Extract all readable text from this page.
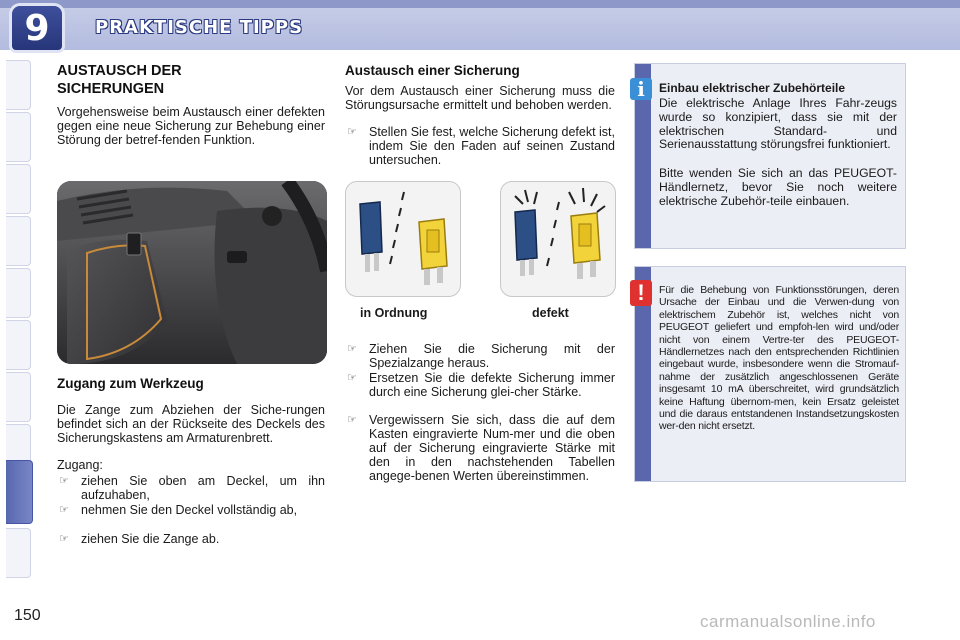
9	PRAKTISCHE TIPPS
AUSTAUSCH DER
SICHERUNGEN
Vorgehensweise beim Austausch einer defekten gegen eine neue Sicherung zur Behebung einer Störung der betref-fenden Funktion.
Zugang zum Werkzeug
Die Zange zum Abziehen der Siche-rungen befindet sich an der Rückseite des Deckels des Sicherungskastens am Armaturenbrett.
Zugang:
☞ ziehen Sie oben am Deckel, um ihn aufzuhaben,
☞ nehmen Sie den Deckel vollständig ab,
☞ ziehen Sie die Zange ab.
Austausch einer Sicherung
Vor dem Austausch einer Sicherung muss die Störungsursache ermittelt und behoben werden.
☞ Stellen Sie fest, welche Sicherung defekt ist, indem Sie den Faden auf seinen Zustand untersuchen.
in Ordnung	defekt
☞ Ziehen Sie die Sicherung mit der Spezialzange heraus.
☞ Ersetzen Sie die defekte Sicherung immer durch eine Sicherung glei-cher Stärke.
☞ Vergewissern Sie sich, dass die auf dem Kasten eingravierte Num-mer und die oben auf der Sicherung eingravierte Stärke mit den in den nachstehenden Tabellen angege-benen Werten übereinstimmen.
Einbau elektrischer Zubehörteile
Die elektrische Anlage Ihres Fahr-zeugs wurde so konzipiert, dass sie mit der elektrischen Standard- und Serienausstattung störungsfrei funktioniert.
Bitte wenden Sie sich an das PEUGEOT-Händlernetz, bevor Sie noch weitere elektrische Zubehör-teile einbauen.
i
Für die Behebung von Funktionsstörungen, deren Ursache der Einbau und die Verwen-dung von elektrischem Zubehör ist, welches nicht von PEUGEOT geliefert und empfoh-len wird und/oder nicht von einem Vertre-ter des PEUGEOT-Händlernetzes nach den entsprechenden Richtlinien eingebaut wurde, insbesondere wenn die Stromauf-nahme der zusätzlich angeschlossenen Geräte insgesamt 10 mA überschreitet, wird grundsätzlich keine Haftung übernom-men, kein Ersatz geleistet und die daraus entstandenen Instandsetzungskosten wer-den nicht ersetzt.
!
150	carmanualsonline.info
